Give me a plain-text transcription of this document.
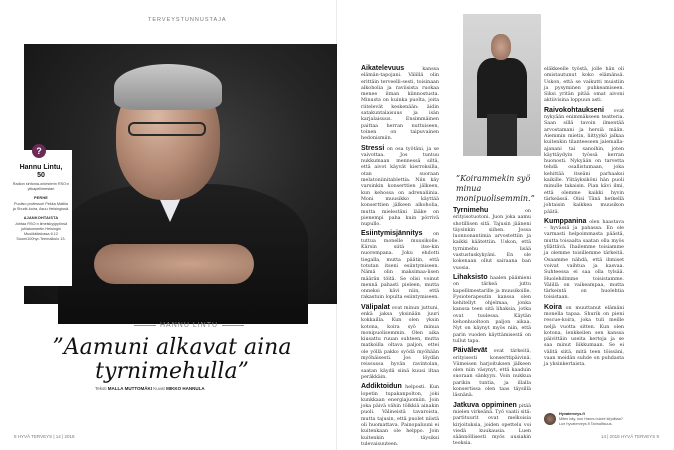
TERVEYSTUNNUSTAJA
?
Hannu Lintu,
50
Radion sinfonia-orkesterin RSO:n ylikapellimestari
PERHE
Puoliso professori Pekka Mattila ja Shurik-koira, Asuu Helsingissä.
AJANKOHTAISTA
Johtaa RSO:n ilmeiskyyppiinsä juhlakonsertin Helsingin Musiikkitalossa 6.12 Suomi100hyr-Teemalkulo 13.
HANNU LINTU
”Aamuni alkavat aina tyrnimehulla”
Teksti MALLA MUTTOMÄKI Kuvat MIKKO HANNULA
8 HYVÄ TERVEYS | 14 | 2018
”Koirammekin syö minua monipuolisemmin.”

Aikatelevuus	kanssa elämän-tapojani. Välillä olin erittäin terveelli-sesti, toisinaan alkoholia ja raviisista ruokaa menee ilman kiinnostusta. Minusta on kuinka puolta, joita riitelevät keskenään: äidin satakuntalaisuus ja isän karjalaisuus. Ensimmäinen paittaa herran nuttuiseen, toinen on taipuvainen hedonismiin.

Stressi on osa työtäni, ja se vaivottaa. Jos tuntuu nukkumaan mennessä siltä, että aivot käyvät kierroksilla, otan suoraan melatoniinitablettia. Niin käy varsinkin konserttien jälkeen, kun kehossa on adrenaliinia. Moni muusikko käyttää konserttien jälkeen alkoholia, mutta mielestäni lääke on pienempi paha kuin pörrivä nupullo.

Esiintymisjännitys on tuttua monelle muusikolle. Kärsin siitä itse-kin nuorempana. Joku ehdotti tiegalla, mutta päätin, että totutan itseni esiintymiseen. Nämä olin maksimaa-lisen määrän töitä. Se olisi voinut mennä pahasti pieleen, mutta onneksi kävi niin, että rakastuin lopulta esiintymiseen.

Välipalat ovat minun juttuni, enkä jaksa yksinään juuri kokkailla. Kun olen yksin kotona, koira syö minua monipuolisemmin. Olen aika kiusattu ruuan suhteen, mutta matkoilla oltava paljon, ettei ole yöllä pakko syödä myöhään myöhäisesti. Jos löydän reissussa hyvän ravintolan, saatan käydä siinä kuusi iltaa peräkkäin.

Addiktoidun helposti. Kun lopetin tupakanpolton, joki kunkkaan energiajuomiin. Join joka päivä vähin tölkkiä ainakin puoli. Välineistä tavaroista, mutta tajusin, että puolet niistä oli huomattava. Painopaluuni ei kuitenkaan ole helppo. Join kuitenkin täysiksi tulevaisuuteen.

Tyrnimehu	on erityisotuotoni. Juon joka aamu shotillisen sitä. Tajusin jääneni täysinkin siihen. Jossa luonnonantimia arvostettiin ja kaikki käätettiin. Uskon, että tyrnimehu lisää vastustuskykyäni. En ole kokenaan ollut sairaana ban vuosia.

Lihaksisto haalen päämieni on tärkeä juttu kapellimestarille ja muusikoille. Fysioterapeutin kanssa olen kehitellyt ohjelmaa, jonka kanssa teen sitä lihaksia, jotka ovat tuulessa. Käytän kehonhuoltoon paljon aikaa. Nyt on käynyt myös niin, että parin vuoden käyttämisestä on tullut tapa.

Päivälevät ovat tärkeitä, erityisesti konserttipäivinä. Viimeisen harjoituksen jälkeen olen niin väsynyt, että kaaduin suoraan sänkyyn. Voin nukkua parikin tuntia, ja illalla konsertissa olen taas täysillä läsnänä.

Jatkuva oppiminen pitää mielen virkeänä. Työ vaatii sitä: partituurit ovat melkoisia kirjoituksia, joiden opettelu voi viedä kuukausia. Luen säännöllisesti myös uusiakin teoksia.

eläkkeelle työstä, jolle hän oli omistautunut koko elämänsä. Uskon, että se vaikutti muistiin ja pysyminen puhkeamiseen. Siksi yritän pitää omat aivoni aktiivisina loppuun asti.

Raivokohtaukseni ovat nykyään enimmäkseen teatteria. Saan sillä tavoin ilmentää arvostamani ja hersiä mään. Aiemmin mietin, liittyykö jalkaa kuitenkin tilanteeseen jalemalla-ajanani tai sanoihin, joten käyttäydyin työssä kerran huonosti. Nykyään on tarvetta tehdä osallistumaan, joka kehittää itseäni parhaaksi kaikille. Ylitäyksiköni hän puoli minulle takaisin. Pian kävi ilmi, että olemme kaikki hyvin tärkeässä. Olisi Tänä hetkellä johtaisin kaikkea muusikon päätä.

Kumppanina olen haastava – hyvässä ja pahassa. En ole varmasti helpoimmasta päästä, mutta toisaalta saatan olla myös yllättävä. Ihailemme toisiamme ja olemme toisillemme tärkeitä. Osaamme nähdä, että ihmiset voivat vaihtua ja kasvaa. Suhteessa ei saa olla tylsää. Huolehdimme toisistamme. Välillä on vaikeampaa, mutta tärkeintä on huolehtia toisistaan.

Koira on muuttanut elämäni monella tapaa. Shurik on pieni rescue-koira, joka tuli meille neljä vuotta sitten. Kun olen kotona, lenkkeilen sen kanssa päivittäin useita kertoja ja se saa minut liikkumaan. Se ei välitä siitä, mitä teen töissäni, vaan meidän suhde on puhdasta ja yksinkertaista.

Hyvaterveys.fi
Miten käy, kun Hannu lukee kirjoittaa? Lue hyvaterveys.fi Tarinallisuus.
14 | 2018 HYVÄ TERVEYS 9
